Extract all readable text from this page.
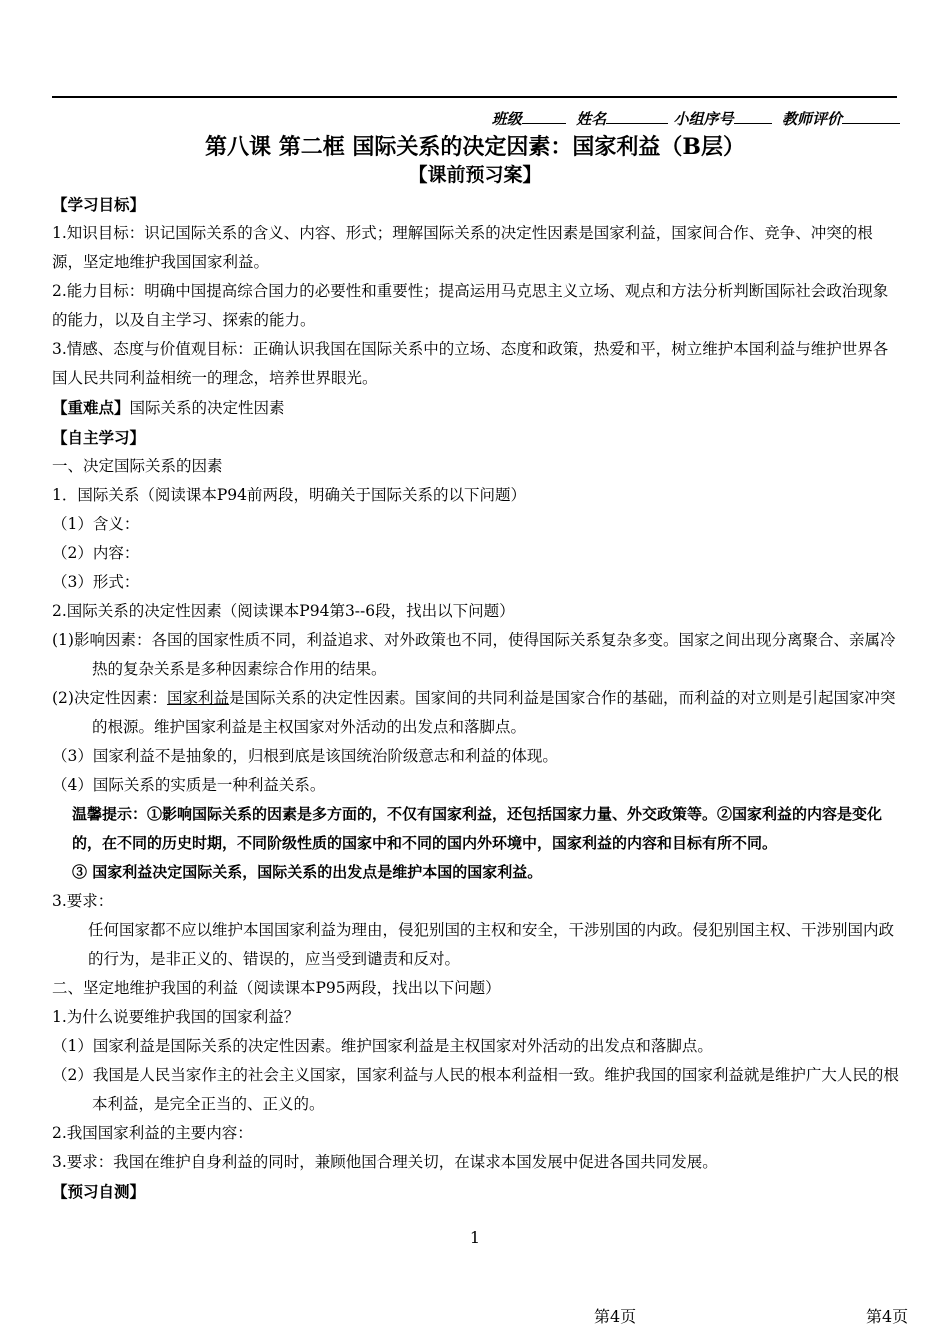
班级	姓名	小组序号	教师评价
第八课 第二框 国际关系的决定因素：国家利益（B层）
【课前预习案】

【学习目标】

1.知识目标：识记国际关系的含义、内容、形式；理解国际关系的决定性因素是国家利益，国家间合作、竞争、冲突的根源，坚定地维护我国国家利益。

2.能力目标：明确中国提高综合国力的必要性和重要性；提高运用马克思主义立场、观点和方法分析判断国际社会政治现象的能力，以及自主学习、探索的能力。

3.情感、态度与价值观目标：正确认识我国在国际关系中的立场、态度和政策，热爱和平，树立维护本国利益与维护世界各国人民共同利益相统一的理念，培养世界眼光。

【重难点】国际关系的决定性因素

【自主学习】

一、决定国际关系的因素

1．国际关系（阅读课本P94前两段，明确关于国际关系的以下问题）

（1）含义：

（2）内容：

（3）形式：

2.国际关系的决定性因素（阅读课本P94第3--6段，找出以下问题）

(1)影响因素：各国的国家性质不同，利益追求、对外政策也不同，使得国际关系复杂多变。国家之间出现分离聚合、亲属冷热的复杂关系是多种因素综合作用的结果。

(2)决定性因素：国家利益是国际关系的决定性因素。国家间的共同利益是国家合作的基础，而利益的对立则是引起国家冲突的根源。维护国家利益是主权国家对外活动的出发点和落脚点。

（3）国家利益不是抽象的，归根到底是该国统治阶级意志和利益的体现。

（4）国际关系的实质是一种利益关系。

温馨提示：①影响国际关系的因素是多方面的，不仅有国家利益，还包括国家力量、外交政策等。②国家利益的内容是变化的，在不同的历史时期，不同阶级性质的国家中和不同的国内外环境中，国家利益的内容和目标有所不同。

③ 国家利益决定国际关系，国际关系的出发点是维护本国的国家利益。

3.要求：

任何国家都不应以维护本国国家利益为理由，侵犯别国的主权和安全，干涉别国的内政。侵犯别国主权、干涉别国内政的行为，是非正义的、错误的，应当受到谴责和反对。

二、坚定地维护我国的利益（阅读课本P95两段，找出以下问题）

1.为什么说要维护我国的国家利益？

（1）国家利益是国际关系的决定性因素。维护国家利益是主权国家对外活动的出发点和落脚点。

（2）我国是人民当家作主的社会主义国家，国家利益与人民的根本利益相一致。维护我国的国家利益就是维护广大人民的根本利益，是完全正当的、正义的。

2.我国国家利益的主要内容：

3.要求：我国在维护自身利益的同时，兼顾他国合理关切，在谋求本国发展中促进各国共同发展。

【预习自测】

1
第4页	第4页
